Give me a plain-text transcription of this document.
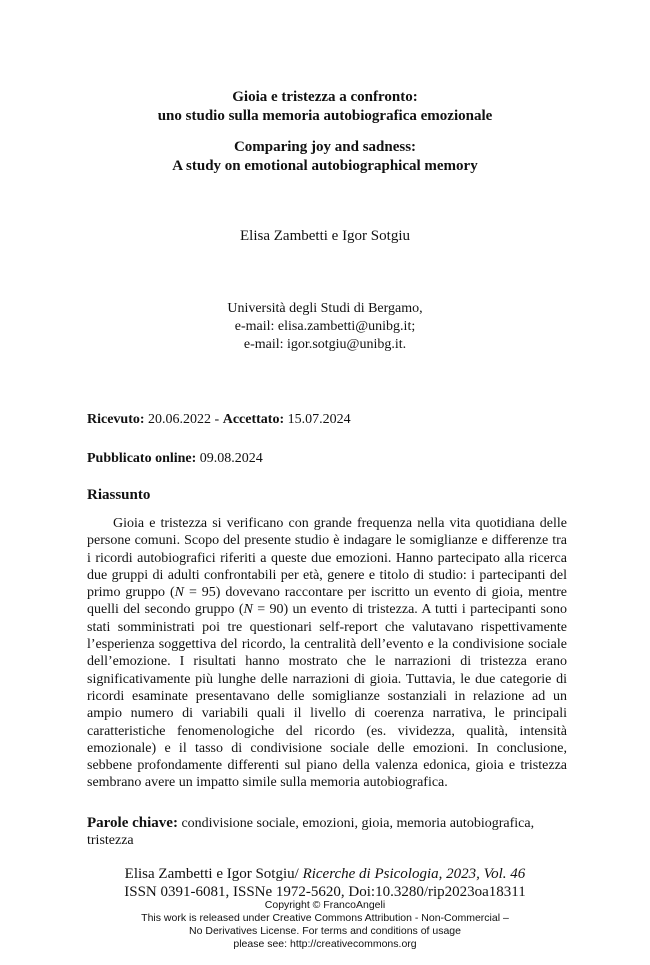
Gioia e tristezza a confronto:
uno studio sulla memoria autobiografica emozionale
Comparing joy and sadness:
A study on emotional autobiographical memory
Elisa Zambetti e Igor Sotgiu
Università degli Studi di Bergamo,
e-mail: elisa.zambetti@unibg.it;
e-mail: igor.sotgiu@unibg.it.
Ricevuto: 20.06.2022 - Accettato: 15.07.2024
Pubblicato online: 09.08.2024
Riassunto
Gioia e tristezza si verificano con grande frequenza nella vita quotidiana delle persone comuni. Scopo del presente studio è indagare le somiglianze e differenze tra i ricordi autobiografici riferiti a queste due emozioni. Hanno partecipato alla ricerca due gruppi di adulti confrontabili per età, genere e titolo di studio: i partecipanti del primo gruppo (N = 95) dovevano raccontare per iscritto un evento di gioia, mentre quelli del secondo gruppo (N = 90) un evento di tristezza. A tutti i partecipanti sono stati somministrati poi tre questionari self-report che valutavano rispettivamente l’esperienza soggettiva del ricordo, la centralità dell’evento e la condivisione sociale dell’emozione. I risultati hanno mostrato che le narrazioni di tristezza erano significativamente più lunghe delle narrazioni di gioia. Tuttavia, le due categorie di ricordi esaminate presentavano delle somiglianze sostanziali in relazione ad un ampio numero di variabili quali il livello di coerenza narrativa, le principali caratteristiche fenomenologiche del ricordo (es. vividezza, qualità, intensità emozionale) e il tasso di condivisione sociale delle emozioni. In conclusione, sebbene profondamente differenti sul piano della valenza edonica, gioia e tristezza sembrano avere un impatto simile sulla memoria autobiografica.
Parole chiave: condivisione sociale, emozioni, gioia, memoria autobiografica, tristezza
Elisa Zambetti e Igor Sotgiu/ Ricerche di Psicologia, 2023, Vol. 46
ISSN 0391-6081, ISSNe 1972-5620, Doi:10.3280/rip2023oa18311
Copyright © FrancoAngeli
This work is released under Creative Commons Attribution - Non-Commercial –
No Derivatives License. For terms and conditions of usage
please see: http://creativecommons.org
